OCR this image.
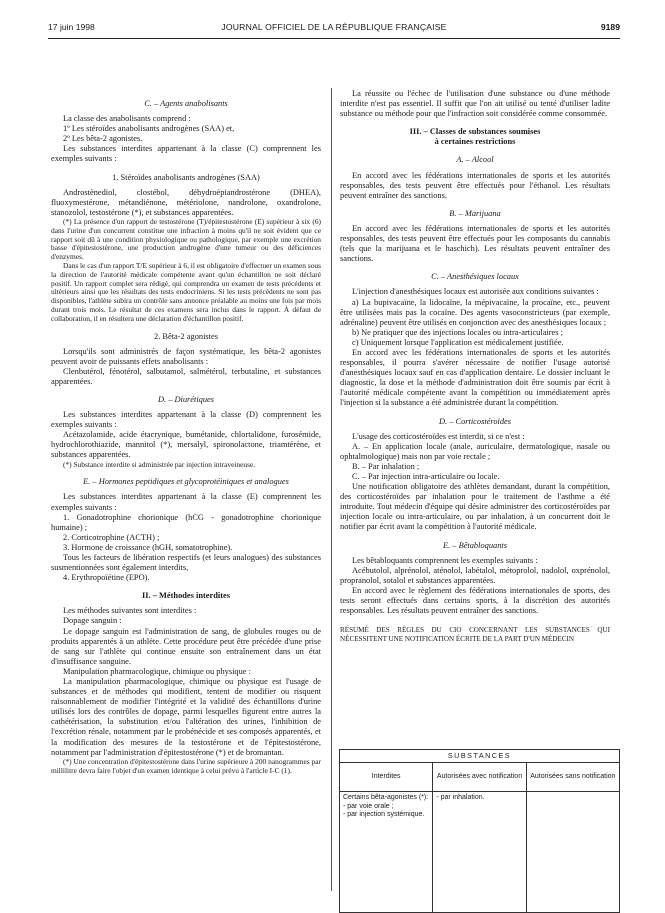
17 juin 1998	JOURNAL OFFICIEL DE LA RÉPUBLIQUE FRANÇAISE	9189
C. – Agents anabolisants

La classe des anabolisants comprend :

1º Les stéroïdes anabolisants androgènes (SAA) et,

2º Les bêta-2 agonistes.

Les substances interdites appartenant à la classe (C) comprennent les exemples suivants :

1. Stéroïdes anabolisants androgènes (SAA)

Androstènediol, clostébol, déhydroépiandrostérone (DHEA), fluoxymestérone, métandiénone, métériolone, nandrolone, oxandrolone, stanozolol, testostérone (*), et substances apparentées.

(*) La présence d'un rapport de testostérone (T)/épitestostérone (E) supérieur à six (6) dans l'urine d'un concurrent constitue une infraction à moins qu'il ne soit évident que ce rapport soit dû à une condition physiologique ou pathologique, par exemple une excrétion basse d'épitestostérone, une production androgène d'une tumeur ou des déficiences d'enzymes.

Dans le cas d'un rapport T/E supérieur à 6, il est obligatoire d'effectuer un examen sous la direction de l'autorité médicale compétente avant qu'un échantillon ne soit déclaré positif. Un rapport complet sera rédigé, qui comprendra un examen de tests précédents et ultérieurs ainsi que les résultats des tests endocriniens. Si les tests précédents ne sont pas disponibles, l'athlète subira un contrôle sans annonce préalable au moins une fois par mois durant trois mois. Le résultat de ces examens sera inclus dans le rapport. À défaut de collaboration, il en résultera une déclaration d'échantillon positif.

2. Bêta-2 agonistes

Lorsqu'ils sont administrés de façon systématique, les bêta-2 agonistes peuvent avoir de puissants effets anabolisants :

Clenbutérol, fénotérol, salbutamol, salmétérol, terbutaline, et substances apparentées.

D. – Diurétiques

Les substances interdites appartenant à la classe (D) comprennent les exemples suivants :

Acétazolamide, acide étacrynique, bumétanide, chlortalidone, furosémide, hydrochlorothiazide, mannitol (*), mersalyl, spironolactone, triamtérène, et substances apparentées.

(*) Substance interdite si administrée par injection intraveineuse.

E. – Hormones peptidiques et glycoprotéiniques et analogues

Les substances interdites appartenant à la classe (E) comprennent les exemples suivants :

1. Gonadotrophine chorionique (hCG - gonadotrophine chorionique humaine) ;

2. Corticotrophine (ACTH) ;

3. Hormone de croissance (hGH, somatotrophine).

Tous les facteurs de libération respectifs (et leurs analogues) des substances susmentionnées sont également interdits,

4. Erythropoïétine (EPO).

II. – Méthodes interdites

Les méthodes suivantes sont interdites :

Dopage sanguin :

Le dopage sanguin est l'administration de sang, de globules rouges ou de produits apparentés à un athlète. Cette procédure peut être précédée d'une prise de sang sur l'athlète qui continue ensuite son entraînement dans un état d'insuffisance sanguine.

Manipulation pharmacologique, chimique ou physique :

La manipulation pharmacologique, chimique ou physique est l'usage de substances et de méthodes qui modifient, tentent de modifier ou risquent raisonnablement de modifier l'intégrité et la validité des échantillons d'urine utilisés lors des contrôles de dopage, parmi lesquelles figurent entre autres la cathétérisation, la substitution et/ou l'altération des urines, l'inhibition de l'excrétion rénale, notamment par le probénécide et ses composés apparentés, et la modification des mesures de la testostérone et de l'épitestostérone, notamment par l'administration d'épitestostérone (*) et de bromantan.

(*) Une concentration d'épitestostérone dans l'urine supérieure à 200 nanogrammes par millilitre devra faire l'objet d'un examen identique à celui prévu à l'article I-C (1).

La réussite ou l'échec de l'utilisation d'une substance ou d'une méthode interdite n'est pas essentiel. Il suffit que l'on ait utilisé ou tenté d'utiliser ladite substance ou méthode pour que l'infraction soit considérée comme consommée.

III. – Classes de substances soumises
à certaines restrictions
A. – Alcool

En accord avec les fédérations internationales de sports et les autorités responsables, des tests peuvent être effectués pour l'éthanol. Les résultats peuvent entraîner des sanctions.

B. – Marijuana

En accord avec les fédérations internationales de sports et les autorités responsables, des tests peuvent être effectués pour les composants du cannabis (tels que la marijuana et le haschich). Les résultats peuvent entraîner des sanctions.

C. – Anesthésiques locaux

L'injection d'anesthésiques locaux est autorisée aux conditions suivantes :

a) La bupivacaïne, la lidocaïne, la mépivacaïne, la procaïne, etc., peuvent être utilisées mais pas la cocaïne. Des agents vasoconstricteurs (par exemple, adrénaline) peuvent être utilisés en conjonction avec des anesthésiques locaux ;

b) Ne pratiquer que des injections locales ou intra-articulaires ;

c) Uniquement lorsque l'application est médicalement justifiée.

En accord avec les fédérations internationales de sports et les autorités responsables, il pourra s'avérer nécessaire de notifier l'usage autorisé d'anesthésiques locaux sauf en cas d'application dentaire. Le dossier incluant le diagnostic, la dose et la méthode d'administration doit être soumis par écrit à l'autorité médicale compétente avant la compétition ou immédiatement après l'injection si la substance a été administrée durant la compétition.

D. – Corticostéroïdes

L'usage des corticostéroïdes est interdit, si ce n'est :

A. – En application locale (anale, auriculaire, dermatologique, nasale ou ophtalmologique) mais non par voie rectale ;

B. – Par inhalation ;

C. – Par injection intra-articulaire ou locale.

Une notification obligatoire des athlètes demandant, durant la compétition, des corticostéroïdes par inhalation pour le traitement de l'asthme a été introduite. Tout médecin d'équipe qui désire administrer des corticostéroïdes par injection locale ou intra-articulaire, ou par inhalation, à un concurrent doit le notifier par écrit avant la compétition à l'autorité médicale.

E. – Bêtabloquants

Les bêtabloquants comprennent les exemples suivants :

Acébutolol, alprénolol, aténolol, labétalol, métoprolol, nadolol, oxprénolol, propranolol, sotalol et substances apparentées.

En accord avec le règlement des fédérations internationales de sports, des tests seront effectués dans certains sports, à la discrétion des autorités responsables. Les résultats peuvent entraîner des sanctions.

RÉSUMÉ DES RÈGLES DU CIO CONCERNANT LES SUBSTANCES QUI NÉCESSITENT UNE NOTIFICATION ÉCRITE DE LA PART D'UN MÉDECIN

SUBSTANCES		
Interdites	Autorisées avec notification	Autorisées sans notification

Certains bêta-agonistes (*):
- par voie orale ;
- par injection systémique.	- par inhalation.	
